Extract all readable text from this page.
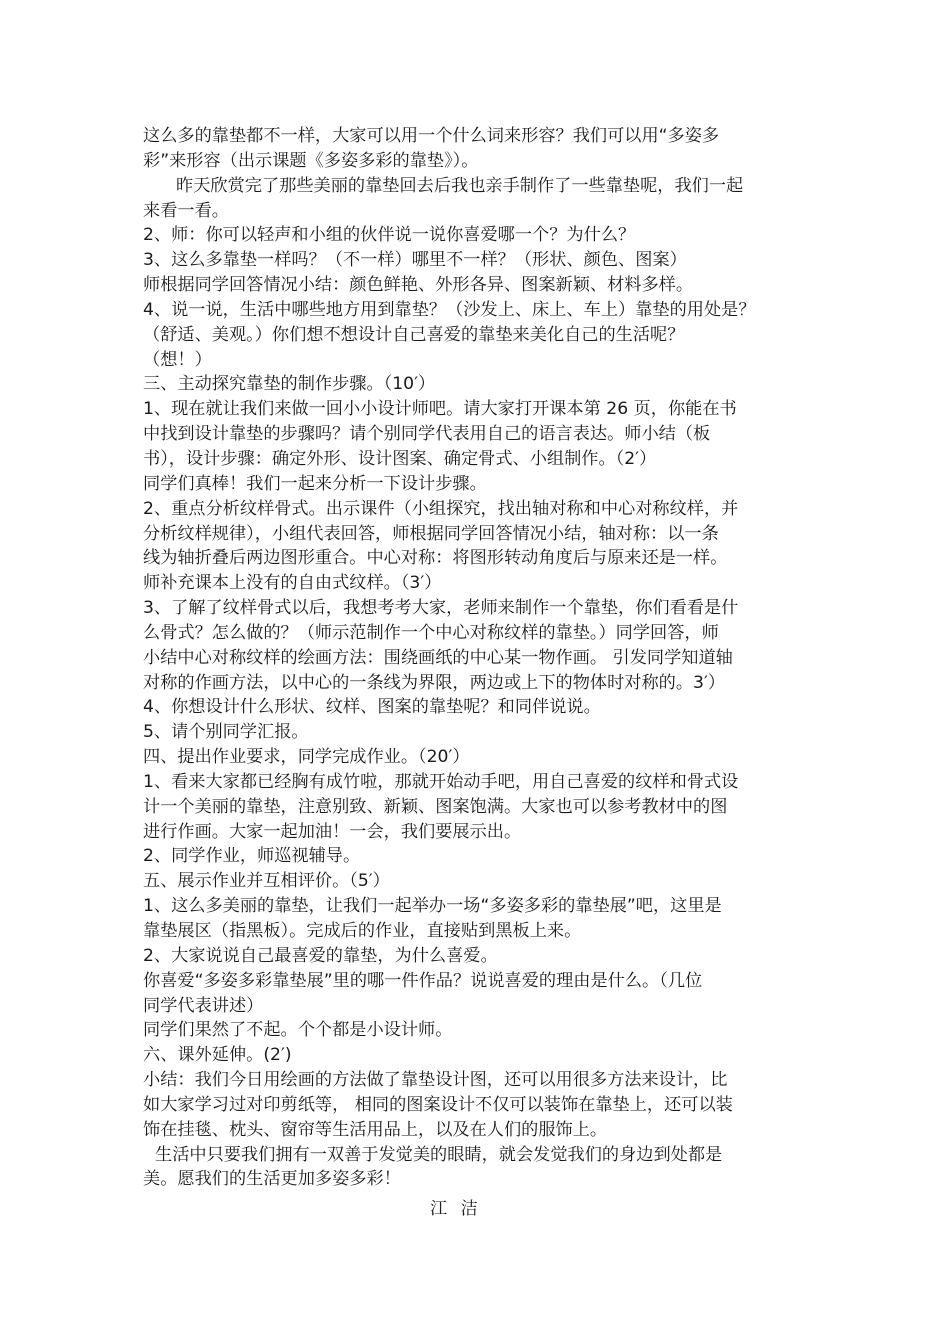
这么多的靠垫都不一样，大家可以用一个什么词来形容？我们可以用“多姿多
彩”来形容（出示课题《多姿多彩的靠垫》）。
昨天欣赏完了那些美丽的靠垫回去后我也亲手制作了一些靠垫呢，我们一起
来看一看。
2、师：你可以轻声和小组的伙伴说一说你喜爱哪一个？为什么？
3、这么多靠垫一样吗？（不一样）哪里不一样？（形状、颜色、图案）
师根据同学回答情况小结：颜色鲜艳、外形各异、图案新颖、材料多样。
4、说一说，生活中哪些地方用到靠垫？（沙发上、床上、车上）靠垫的用处是？
（舒适、美观。）你们想不想设计自己喜爱的靠垫来美化自己的生活呢？
（想！）
三、主动探究靠垫的制作步骤。（10′）
1、现在就让我们来做一回小小设计师吧。请大家打开课本第 26 页，你能在书
中找到设计靠垫的步骤吗？请个别同学代表用自己的语言表达。师小结（板
书），设计步骤：确定外形、设计图案、确定骨式、小组制作。（2′）
同学们真棒！我们一起来分析一下设计步骤。
2、重点分析纹样骨式。出示课件（小组探究，找出轴对称和中心对称纹样，并
分析纹样规律），小组代表回答，师根据同学回答情况小结，轴对称：以一条
线为轴折叠后两边图形重合。中心对称：将图形转动角度后与原来还是一样。
师补充课本上没有的自由式纹样。（3′）
3、了解了纹样骨式以后，我想考考大家，老师来制作一个靠垫，你们看看是什
么骨式？怎么做的？（师示范制作一个中心对称纹样的靠垫。）同学回答，师
小结中心对称纹样的绘画方法：围绕画纸的中心某一物作画。 引发同学知道轴
对称的作画方法，以中心的一条线为界限，两边或上下的物体时对称的。3′）
4、你想设计什么形状、纹样、图案的靠垫呢？和同伴说说。
5、请个别同学汇报。
四、提出作业要求，同学完成作业。（20′）
1、看来大家都已经胸有成竹啦，那就开始动手吧，用自己喜爱的纹样和骨式设
计一个美丽的靠垫，注意别致、新颖、图案饱满。大家也可以参考教材中的图
进行作画。大家一起加油！一会，我们要展示出。
2、同学作业，师巡视辅导。
五、展示作业并互相评价。（5′）
1、这么多美丽的靠垫，让我们一起举办一场“多姿多彩的靠垫展”吧，这里是
靠垫展区（指黑板）。完成后的作业，直接贴到黑板上来。
2、大家说说自己最喜爱的靠垫，为什么喜爱。
你喜爱“多姿多彩靠垫展”里的哪一件作品？说说喜爱的理由是什么。（几位
同学代表讲述）
同学们果然了不起。个个都是小设计师。
六、课外延伸。(2′)
小结：我们今日用绘画的方法做了靠垫设计图，还可以用很多方法来设计，比
如大家学习过对印剪纸等， 相同的图案设计不仅可以装饰在靠垫上，还可以装
饰在挂毯、枕头、窗帘等生活用品上，以及在人们的服饰上。
生活中只要我们拥有一双善于发觉美的眼睛，就会发觉我们的身边到处都是
美。愿我们的生活更加多姿多彩！
江 洁
